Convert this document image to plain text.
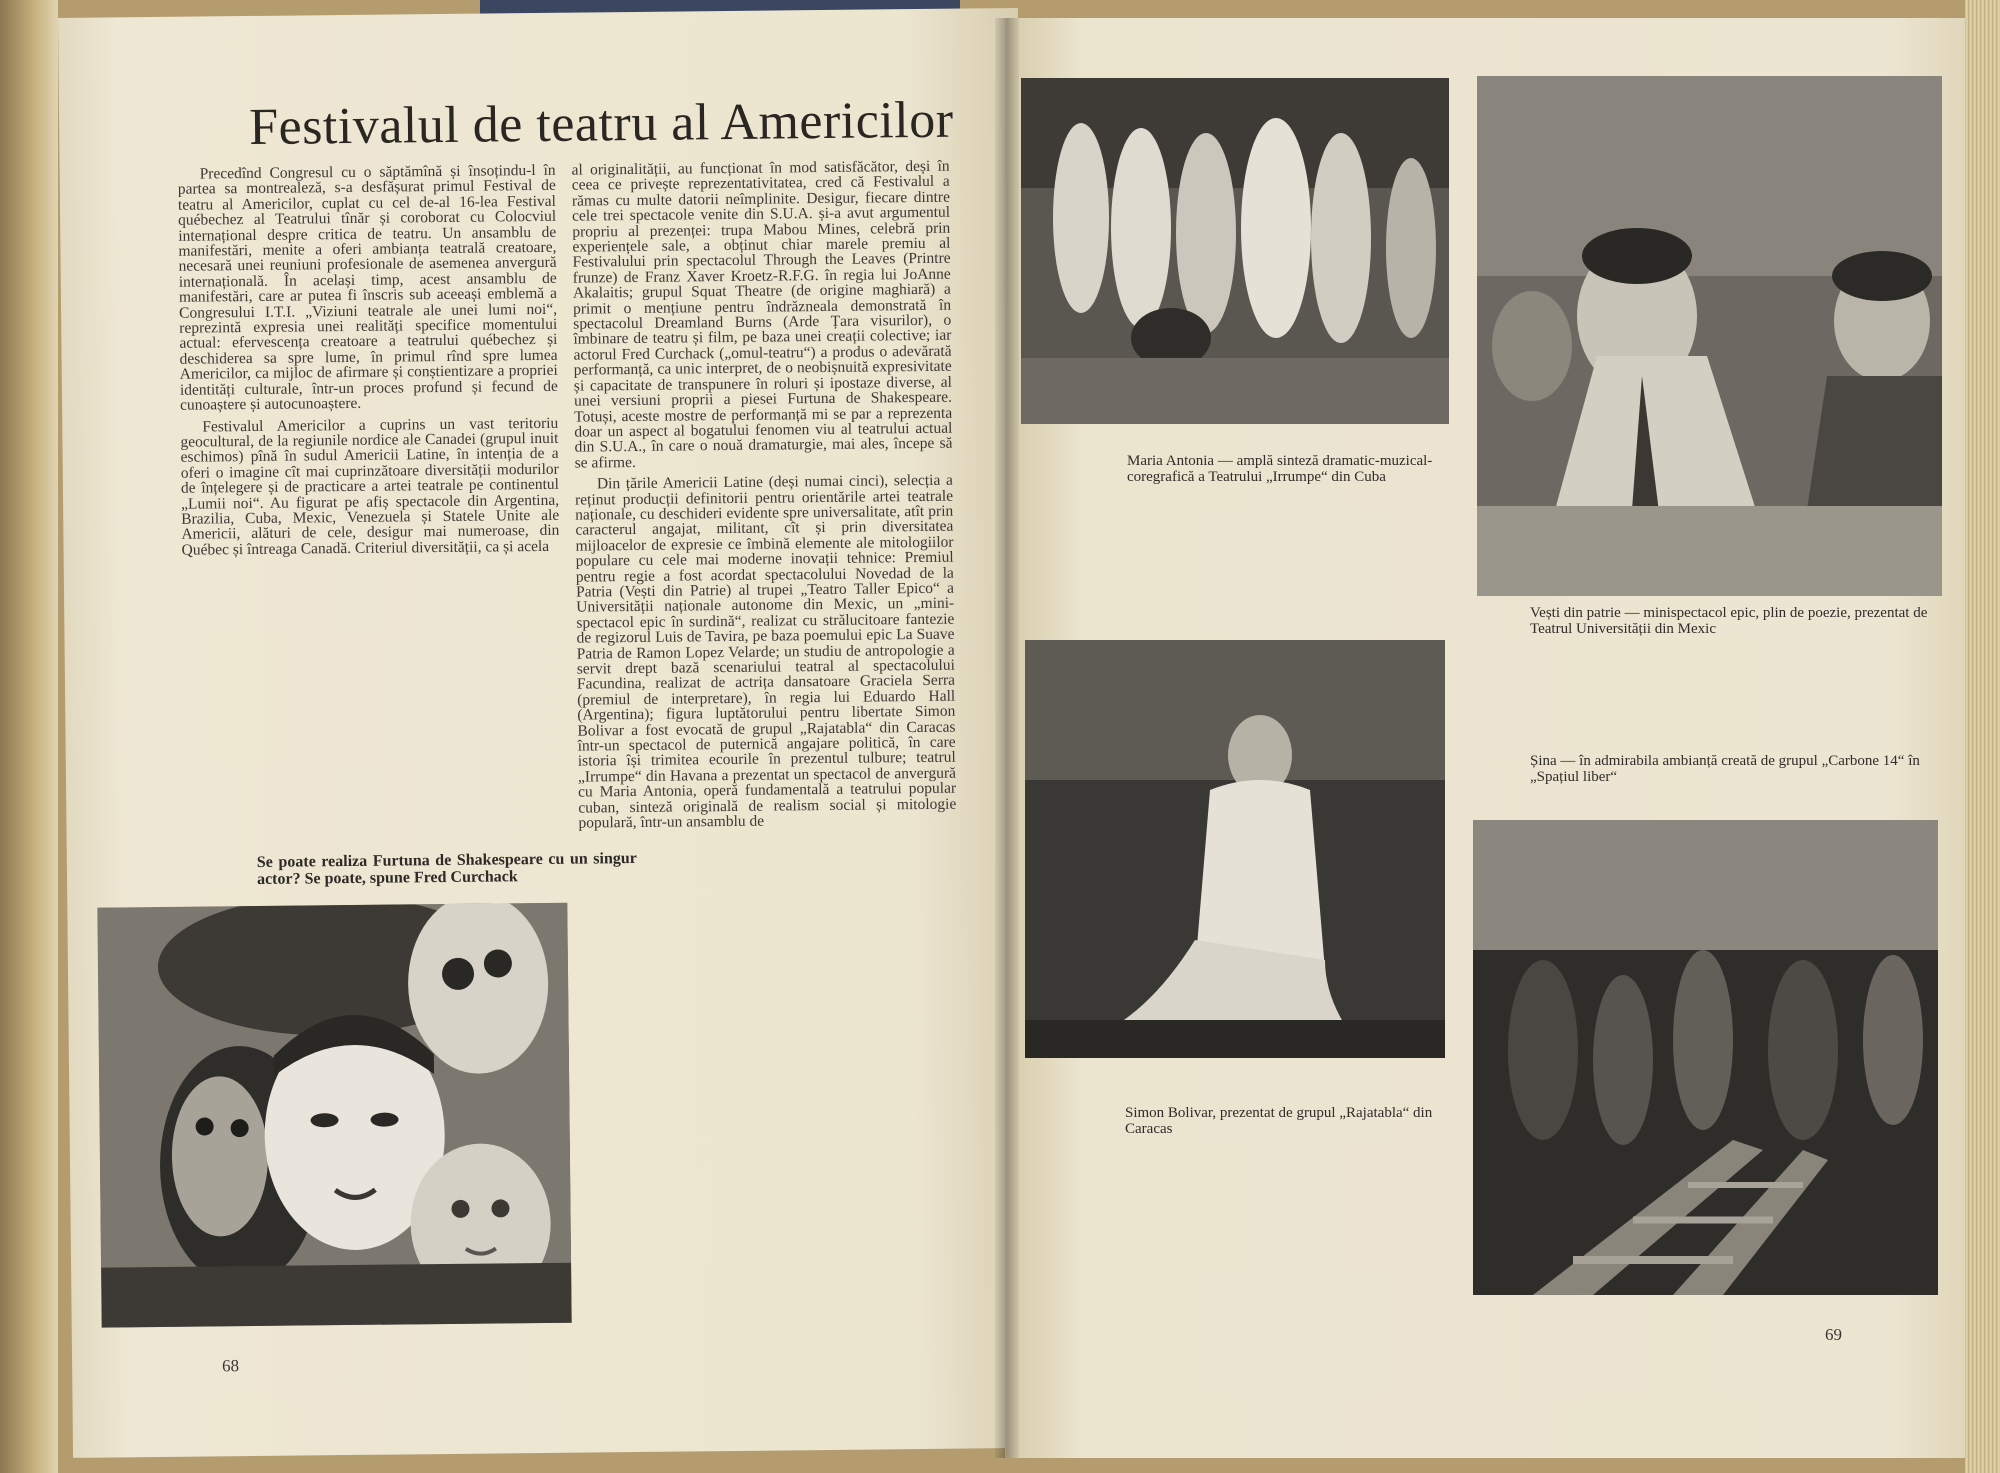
Festivalul de teatru al Americilor

Precedînd Congresul cu o săptămînă și însoțindu-l în partea sa montrealeză, s-a desfășurat primul Festival de teatru al Americilor, cuplat cu cel de-al 16-lea Festival québechez al Teatrului tînăr și coroborat cu Colocviul internațional despre critica de teatru. Un ansamblu de manifestări, menite a oferi ambianța teatrală creatoare, necesară unei reuniuni profesionale de asemenea anvergură internațională. În același timp, acest ansamblu de manifestări, care ar putea fi înscris sub aceeași emblemă a Congresului I.T.I. „Viziuni teatrale ale unei lumi noi“, reprezintă expresia unei realități specifice momentului actual: efervescența creatoare a teatrului québechez și deschiderea sa spre lume, în primul rînd spre lumea Americilor, ca mijloc de afirmare și conștientizare a propriei identități culturale, într-un proces profund și fecund de cunoaștere și autocunoaștere.

Festivalul Americilor a cuprins un vast teritoriu geocultural, de la regiunile nordice ale Canadei (grupul inuit eschimos) pînă în sudul Americii Latine, în intenția de a oferi o imagine cît mai cuprinzătoare diversității modurilor de înțelegere și de practicare a artei teatrale pe continentul „Lumii noi“. Au figurat pe afiș spectacole din Argentina, Brazilia, Cuba, Mexic, Venezuela și Statele Unite ale Americii, alături de cele, desigur mai numeroase, din Québec și întreaga Canadă. Criteriul diversității, ca și acela

Se poate realiza Furtuna de Shakespeare cu un singur actor? Se poate, spune Fred Curchack

al originalității, au funcționat în mod satisfăcător, deși în ceea ce privește reprezentativitatea, cred că Festivalul a rămas cu multe datorii neîmplinite. Desigur, fiecare dintre cele trei spectacole venite din S.U.A. și-a avut argumentul propriu al prezenței: trupa Mabou Mines, celebră prin experiențele sale, a obținut chiar marele premiu al Festivalului prin spectacolul Through the Leaves (Printre frunze) de Franz Xaver Kroetz-R.F.G. în regia lui JoAnne Akalaitis; grupul Squat Theatre (de origine maghiară) a primit o mențiune pentru îndrăzneala demonstrată în spectacolul Dreamland Burns (Arde Țara visurilor), o îmbinare de teatru și film, pe baza unei creații colective; iar actorul Fred Curchack („omul-teatru“) a produs o adevărată performanță, ca unic interpret, de o neobișnuită expresivitate și capacitate de transpunere în roluri și ipostaze diverse, al unei versiuni proprii a piesei Furtuna de Shakespeare. Totuși, aceste mostre de performanță mi se par a reprezenta doar un aspect al bogatului fenomen viu al teatrului actual din S.U.A., în care o nouă dramaturgie, mai ales, începe să se afirme.

Din țările Americii Latine (deși numai cinci), selecția a reținut producții definitorii pentru orientările artei teatrale naționale, cu deschideri evidente spre universalitate, atît prin caracterul angajat, militant, cît și prin diversitatea mijloacelor de expresie ce îmbină elemente ale mitologiilor populare cu cele mai moderne inovații tehnice: Premiul pentru regie a fost acordat spectacolului Novedad de la Patria (Vești din Patrie) al trupei „Teatro Taller Epico“ a Universității naționale autonome din Mexic, un „mini-spectacol epic în surdină“, realizat cu strălucitoare fantezie de regizorul Luis de Tavira, pe baza poemului epic La Suave Patria de Ramon Lopez Velarde; un studiu de antropologie a servit drept bază scenariului teatral al spectacolului Facundina, realizat de actrița dansatoare Graciela Serra (premiul de interpretare), în regia lui Eduardo Hall (Argentina); figura luptătorului pentru libertate Simon Bolivar a fost evocată de grupul „Rajatabla“ din Caracas într-un spectacol de puternică angajare politică, în care istoria își trimitea ecourile în prezentul tulbure; teatrul „Irrumpe“ din Havana a prezentat un spectacol de anvergură cu Maria Antonia, operă fundamentală a teatrului popular cuban, sinteză originală de realism social și mitologie populară, într-un ansamblu de

68
Maria Antonia — amplă sinteză dramatic-muzical-coregrafică a Teatrului „Irrumpe“ din Cuba
Vești din patrie — minispectacol epic, plin de poezie, prezentat de Teatrul Universității din Mexic
Simon Bolivar, prezentat de grupul „Rajatabla“ din Caracas
Șina — în admirabila ambianță creată de grupul „Carbone 14“ în „Spațiul liber“
69
